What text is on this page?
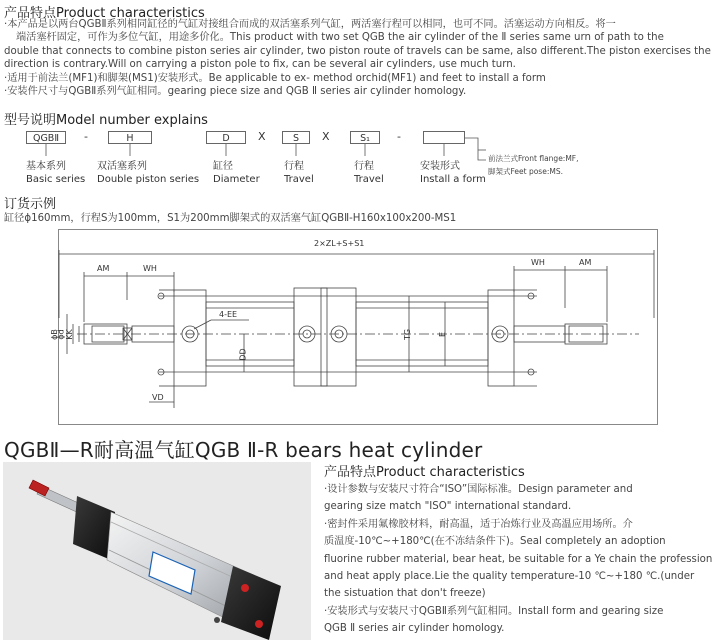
产品特点Product characteristics
·本产品是以两台QGBⅡ系列相同缸径的气缸对接组合而成的双活塞系列气缸，两活塞行程可以相同，也可不同。活塞运动方向相反。将一
端活塞杆固定，可作为多位气缸，用途多价化。This product with two set QGB the air cylinder of the Ⅱ series same urn of path to the
double that connects to combine piston series air cylinder, two piston route of travels can be same, also different.The piston exercises the
direction is contrary.Will on carrying a piston pole to fix, can be several air cylinders, use much turn.
·适用于前法兰(MF1)和脚架(MS1)安装形式。Be applicable to ex- method orchid(MF1) and feet to install a form
·安装件尺寸与QGBⅡ系列气缸相同。gearing piece size and QGB Ⅱ series air cylinder homology.
型号说明Model number explains
QGBⅡ	-	H	D	X	S	X	S₁	-
基本系列	双活塞系列	缸径	行程	行程	安装形式
Basic series Double piston series Diameter Travel	Travel	Install a form
前法兰式Front flange:MF,
脚架式Feet pose:MS.
订货示例
缸径ϕ160mm，行程S为100mm，S1为200mm脚架式的双活塞气缸QGBⅡ-H160x100x200-MS1
2×ZL+S+S1
AM	WH
WH	AM
4-EE
ϕB
ϕd KK
DD
TG	E
VD
QGBⅡ—R耐高温气缸QGB Ⅱ-R bears heat cylinder
产品特点Product characteristics
·设计参数与安装尺寸符合“ISO”国际标准。Design parameter and
gearing size match "ISO" international standard.
·密封件采用氟橡胶材料，耐高温，适于冶炼行业及高温应用场所。介
质温度-10℃~+180℃(在不冻结条件下)。Seal completely an adoption
fluorine rubber material, bear heat, be suitable for a Ye chain the profession
and heat apply place.Lie the quality temperature-10 ℃~+180 ℃.(under
the sistuation that don't freeze)
·安装形式与安装尺寸QGBⅡ系列气缸相同。Install form and gearing size
QGB Ⅱ series air cylinder homology.
